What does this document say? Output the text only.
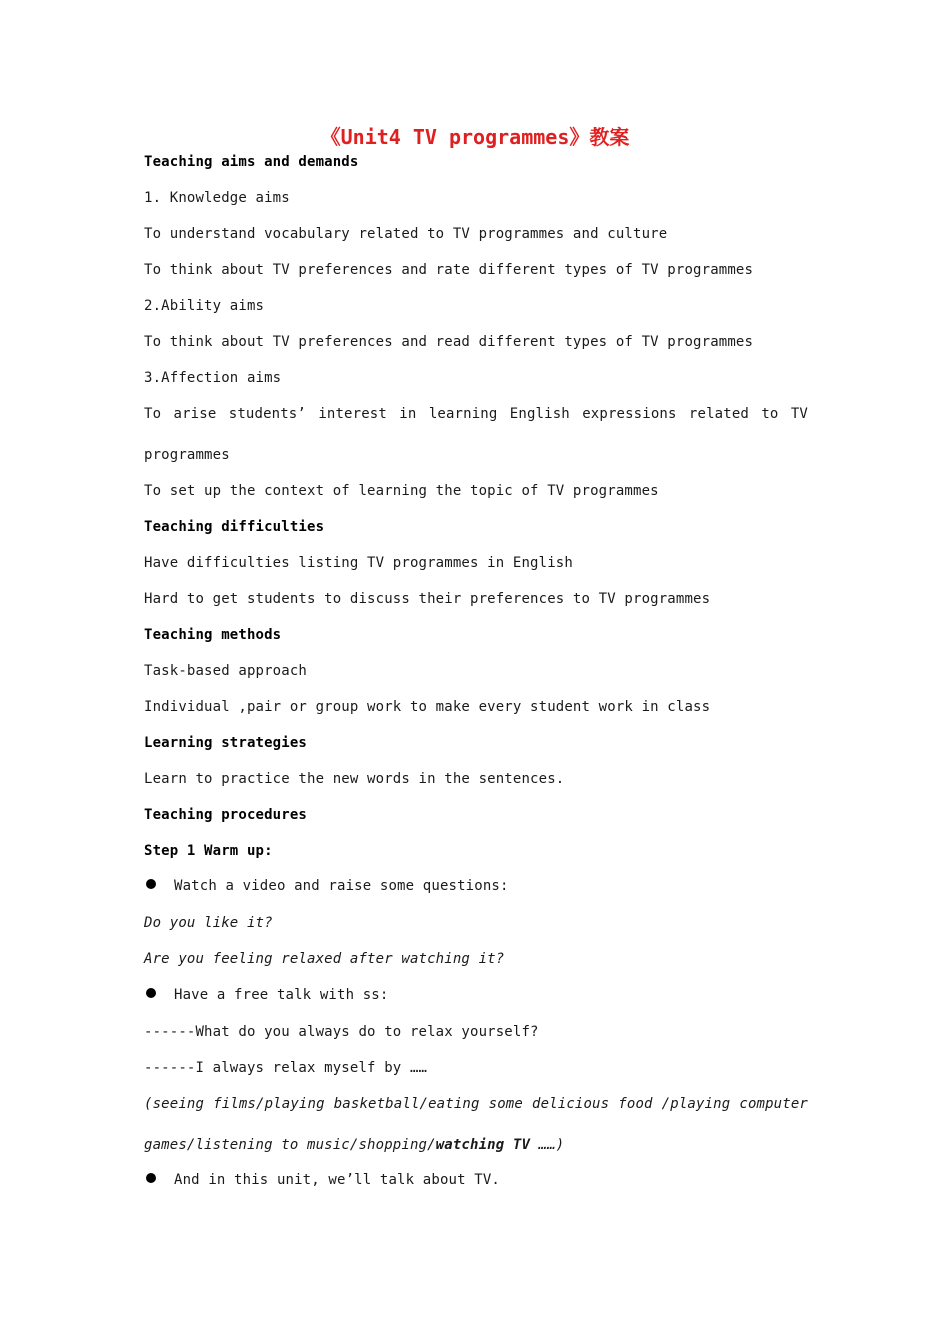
《Unit4 TV programmes》教案
Teaching aims and demands
1. Knowledge aims
To understand vocabulary related to TV programmes and culture
To think about TV preferences and rate different types of TV programmes
2.Ability aims
To think about TV preferences and read different types of TV programmes
3.Affection aims
To arise students’ interest in learning English expressions related to TV
programmes
To set up the context of learning the topic of TV programmes
Teaching difficulties
Have difficulties listing TV programmes in English
Hard to get students to discuss their preferences to TV programmes
Teaching methods
Task-based approach
Individual ,pair or group work to make every student work in class
Learning strategies
Learn to practice the new words in the sentences.
Teaching procedures
Step 1 Warm up:
Watch a video and raise some questions:
Do you like it?
Are you feeling relaxed after watching it?
Have a free talk with ss:
------What do you always do to relax yourself?
------I always relax myself by ……
(seeing films/playing basketball/eating some delicious food /playing computer
games/listening to music/shopping/watching TV ……)
And in this unit, we’ll talk about TV.
